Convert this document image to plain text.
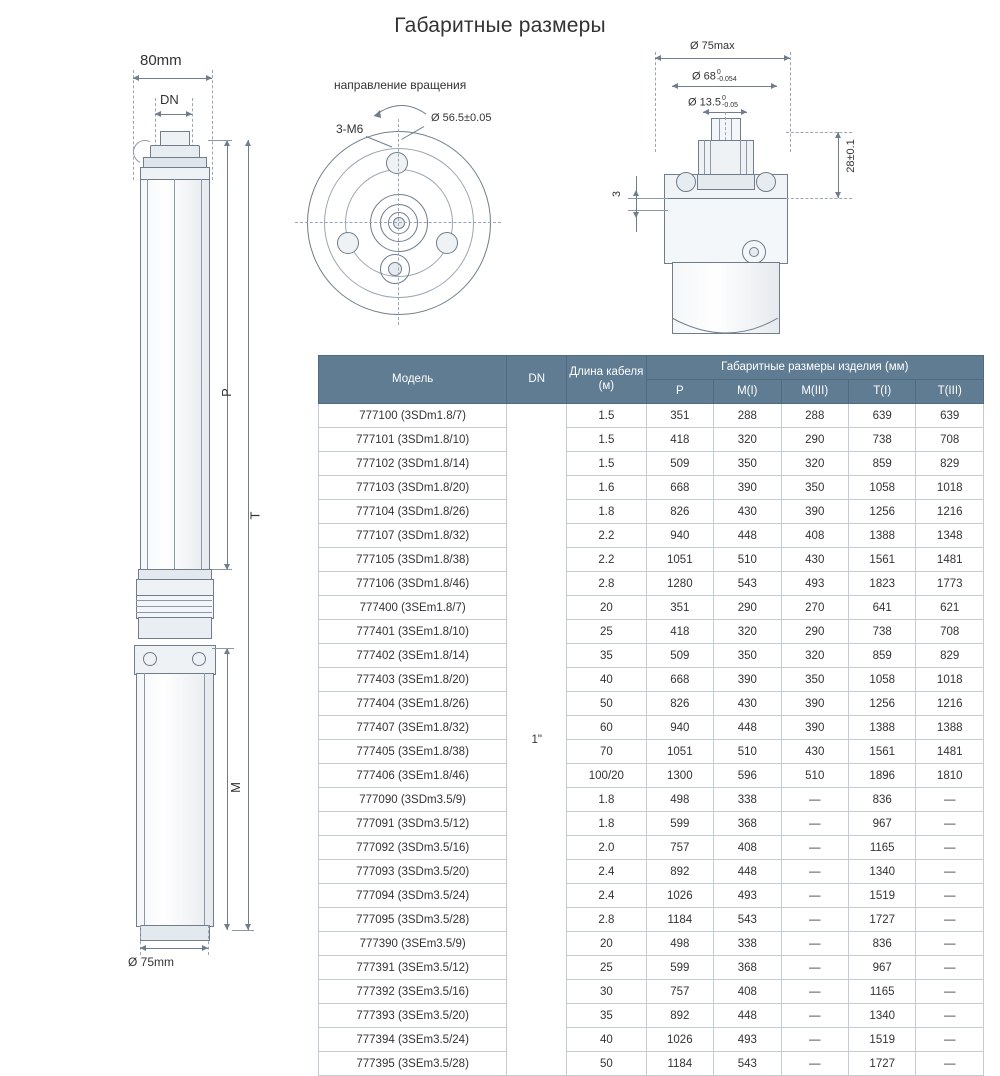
Габаритные размеры
80mm
DN
Ø 75mm
P
T
M
направление вращения
3-M6
Ø 56.5±0.05
Ø 75max
Ø 68 0
-0.054
Ø 13.5 0
-0.05
3
28±0.1
Модель	DN	Длина кабеля (м)	Габаритные размеры изделия (мм)				
			P	M(I)	M(III)	T(I)	T(III)
777100 (3SDm1.8/7)	1"	1.5	351	288	288	639	639
777101 (3SDm1.8/10)		1.5	418	320	290	738	708
777102 (3SDm1.8/14)		1.5	509	350	320	859	829
777103 (3SDm1.8/20)		1.6	668	390	350	1058	1018
777104 (3SDm1.8/26)		1.8	826	430	390	1256	1216
777107 (3SDm1.8/32)		2.2	940	448	408	1388	1348
777105 (3SDm1.8/38)		2.2	1051	510	430	1561	1481
777106 (3SDm1.8/46)		2.8	1280	543	493	1823	1773
777400 (3SEm1.8/7)		20	351	290	270	641	621
777401 (3SEm1.8/10)		25	418	320	290	738	708
777402 (3SEm1.8/14)		35	509	350	320	859	829
777403 (3SEm1.8/20)		40	668	390	350	1058	1018
777404 (3SEm1.8/26)		50	826	430	390	1256	1216
777407 (3SEm1.8/32)		60	940	448	390	1388	1388
777405 (3SEm1.8/38)		70	1051	510	430	1561	1481
777406 (3SEm1.8/46)		100/20	1300	596	510	1896	1810
777090 (3SDm3.5/9)		1.8	498	338	—	836	—
777091 (3SDm3.5/12)		1.8	599	368	—	967	—
777092 (3SDm3.5/16)		2.0	757	408	—	1165	—
777093 (3SDm3.5/20)		2.4	892	448	—	1340	—
777094 (3SDm3.5/24)		2.4	1026	493	—	1519	—
777095 (3SDm3.5/28)		2.8	1184	543	—	1727	—
777390 (3SEm3.5/9)		20	498	338	—	836	—
777391 (3SEm3.5/12)		25	599	368	—	967	—
777392 (3SEm3.5/16)		30	757	408	—	1165	—
777393 (3SEm3.5/20)		35	892	448	—	1340	—
777394 (3SEm3.5/24)		40	1026	493	—	1519	—
777395 (3SEm3.5/28)		50	1184	543	—	1727	—
